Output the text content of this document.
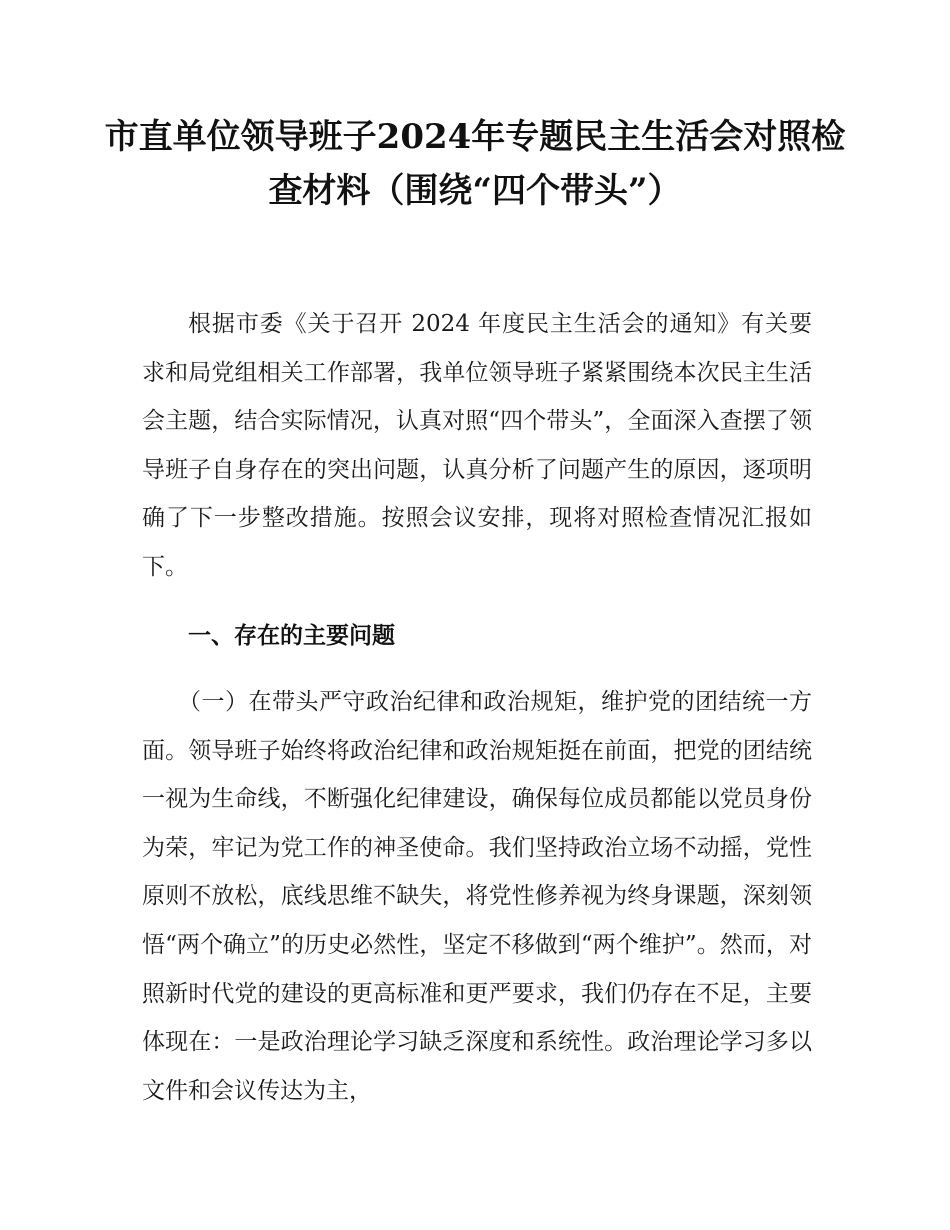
市直单位领导班子2024年专题民主生活会对照检查材料（围绕“四个带头”）

根据市委《关于召开 2024 年度民主生活会的通知》有关要求和局党组相关工作部署，我单位领导班子紧紧围绕本次民主生活会主题，结合实际情况，认真对照“四个带头”，全面深入查摆了领导班子自身存在的突出问题，认真分析了问题产生的原因，逐项明确了下一步整改措施。按照会议安排，现将对照检查情况汇报如下。

一、存在的主要问题

（一）在带头严守政治纪律和政治规矩，维护党的团结统一方面。领导班子始终将政治纪律和政治规矩挺在前面，把党的团结统一视为生命线，不断强化纪律建设，确保每位成员都能以党员身份为荣，牢记为党工作的神圣使命。我们坚持政治立场不动摇，党性原则不放松，底线思维不缺失，将党性修养视为终身课题，深刻领悟“两个确立”的历史必然性，坚定不移做到“两个维护”。然而，对照新时代党的建设的更高标准和更严要求，我们仍存在不足，主要体现在：一是政治理论学习缺乏深度和系统性。政治理论学习多以文件和会议传达为主，
